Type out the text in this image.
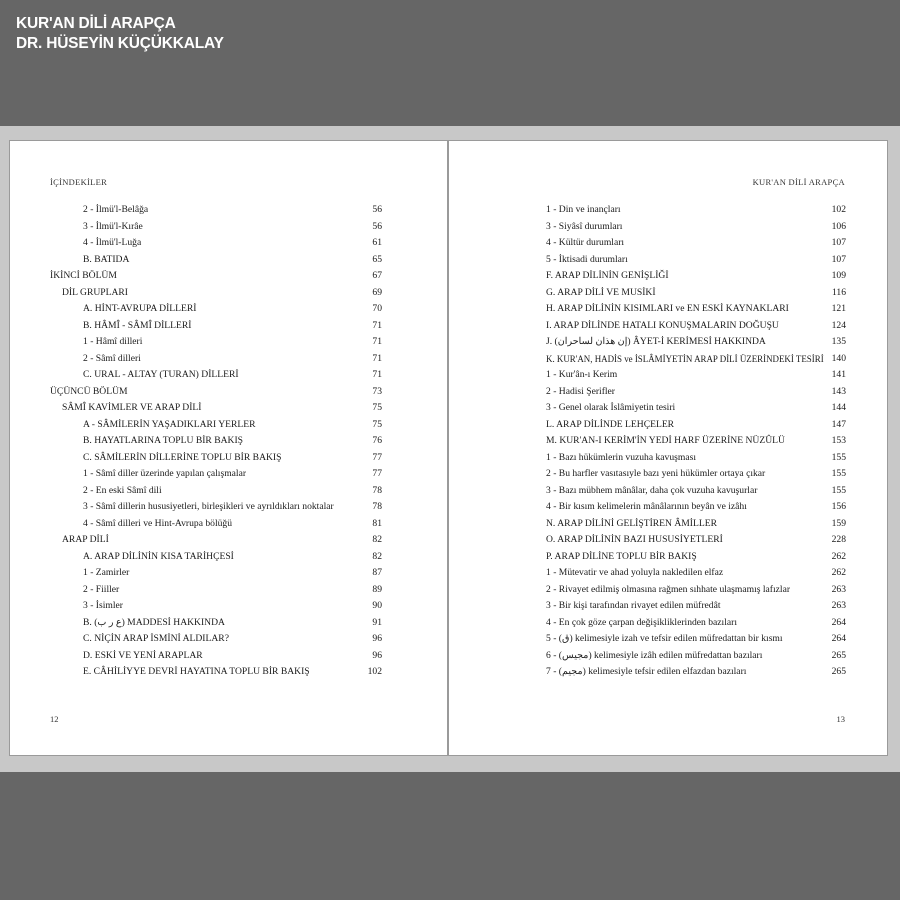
KUR'AN DİLİ ARAPÇA
DR. HÜSEYİN KÜÇÜKKALAY
İÇİNDEKİLER
2 - İlmü'l-Belâğa	56
3 - İlmü'l-Kırâe	56
4 - İlmü'l-Luğa	61
B. BATIDA	65
İKİNCİ BÖLÜM	67
DİL GRUPLARI	69
A. HİNT-AVRUPA DİLLERİ	70
B. HÂMÎ - SÂMÎ DİLLERİ	71
1 - Hâmî dilleri	71
2 - Sâmî dilleri	71
C. URAL - ALTAY (TURAN) DİLLERİ	71
ÜÇÜNCÜ BÖLÜM	73
SÂMÎ KAVİMLER VE ARAP DİLİ	75
A - SÂMİLERİN YAŞADIKLARI YERLER	75
B. HAYATLARINA TOPLU BİR BAKIŞ	76
C. SÂMİLERİN DİLLERİNE TOPLU BİR BAKIŞ	77
1 - Sâmî diller üzerinde yapılan çalışmalar	77
2 - En eski Sâmî dili	78
3 - Sâmî dillerin hususiyetleri, birleşikleri ve ayrıldıkları noktalar	78
4 - Sâmî dilleri ve Hint-Avrupa bölüğü	81
ARAP DİLİ	82
A. ARAP DİLİNİN KISA TARİHÇESİ	82
1 - Zamirler	87
2 - Fiiller	89
3 - İsimler	90
B. (ع ر ب) MADDESİ HAKKINDA	91
C. NİÇİN ARAP İSMİNİ ALDILAR?	96
D. ESKİ VE YENİ ARAPLAR	96
E. CÂHİLİYYE DEVRİ HAYATINA TOPLU BİR BAKIŞ	102
12
KUR'AN DİLİ ARAPÇA
1 - Din ve inançları	102
3 - Siyâsî durumları	106
4 - Kültür durumları	107
5 - İktisadi durumları	107
F. ARAP DİLİNİN GENİŞLİĞİ	109
G. ARAP DİLİ VE MUSİKİ	116
H. ARAP DİLİNİN KISIMLARI ve EN ESKİ KAYNAKLARI	121
I. ARAP DİLİNDE HATALI KONUŞMALARIN DOĞUŞU	124
J. (إن هذان لساحران) ÂYET-İ KERİMESİ HAKKINDA	135
K. KUR'AN, HADİS ve İSLÂMİYETİN ARAP DİLİ ÜZERİNDEKİ TESİRİ 140
1 - Kur'ân-ı Kerim	141
2 - Hadisi Şerifler	143
3 - Genel olarak İslâmiyetin tesiri	144
L. ARAP DİLİNDE LEHÇELER	147
M. KUR'AN-I KERİM'İN YEDİ HARF ÜZERİNE NÜZÛLÜ	153
1 - Bazı hükümlerin vuzuha kavuşması	155
2 - Bu harfler vasıtasıyle bazı yeni hükümler ortaya çıkar	155
3 - Bazı mübhem mânâlar, daha çok vuzuha kavuşurlar	155
4 - Bir kısım kelimelerin mânâlarının beyân ve izâhı	156
N. ARAP DİLİNİ GELİŞTİREN ÂMİLLER	159
O. ARAP DİLİNİN BAZI HUSUSİYETLERİ	228
P. ARAP DİLİNE TOPLU BİR BAKIŞ	262
1 - Mütevatir ve ahad yoluyla nakledilen elfaz	262
2 - Rivayet edilmiş olmasına rağmen sıhhate ulaşmamış lafızlar	263
3 - Bir kişi tarafından rivayet edilen müfredât	263
4 - En çok göze çarpan değişikliklerinden bazıları	264
5 - (ق) kelimesiyle izah ve tefsir edilen müfredattan bir kısmı	264
6 - (مجيس) kelimesiyle izâh edilen müfredattan bazıları	265
7 - (مجيم) kelimesiyle tefsir edilen elfazdan bazıları	265
13
